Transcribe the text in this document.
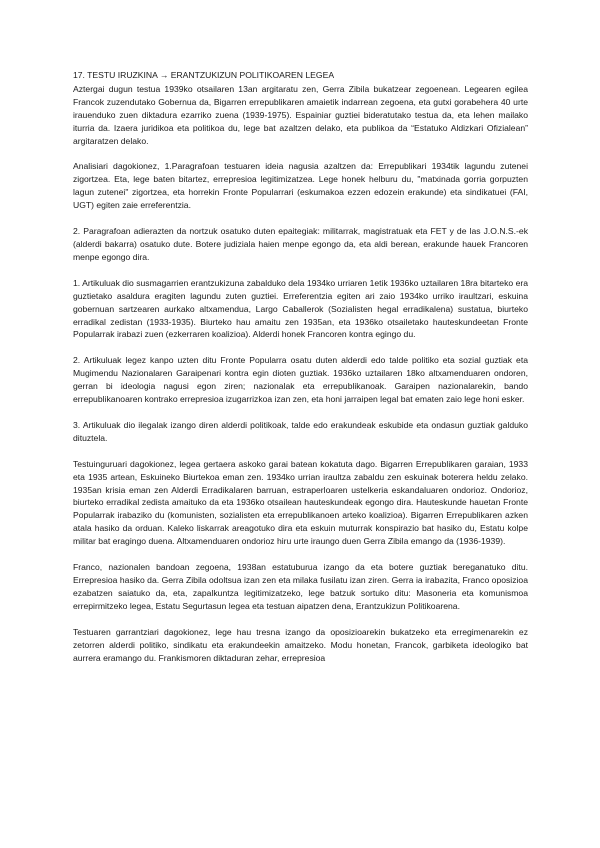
17. TESTU IRUZKINA → ERANTZUKIZUN POLITIKOAREN LEGEA

Aztergai dugun testua 1939ko otsailaren 13an argitaratu zen, Gerra Zibila bukatzear zegoenean. Legearen egilea Francok zuzendutako Gobernua da, Bigarren errepublikaren amaietik indarrean zegoena, eta gutxi gorabehera 40 urte irauenduko zuen diktadura ezarriko zuena (1939-1975). Espainiar guztiei bideratutako testua da, eta lehen mailako iturria da. Izaera juridikoa eta politikoa du, lege bat azaltzen delako, eta publikoa da “Estatuko Aldizkari Ofizialean” argitaratzen delako.

Analisiari dagokionez, 1.Paragrafoan testuaren ideia nagusia azaltzen da: Errepublikari 1934tik lagundu zutenei zigortzea. Eta, lege baten bitartez, errepresioa legitimizatzea. Lege honek helburu du, "matxinada gorria gorpuzten lagun zutenei" zigortzea, eta horrekin Fronte Popularrari (eskumakoa ezzen edozein erakunde) eta sindikatuei (FAI, UGT) egiten zaie erreferentzia.

2. Paragrafoan adierazten da nortzuk osatuko duten epaitegiak: militarrak, magistratuak eta FET y de las J.O.N.S.-ek (alderdi bakarra) osatuko dute. Botere judiziala haien menpe egongo da, eta aldi berean, erakunde hauek Francoren menpe egongo dira.

1. Artikuluak dio susmagarrien erantzukizuna zabalduko dela 1934ko urriaren 1etik 1936ko uztailaren 18ra bitarteko era guztietako asaldura eragiten lagundu zuten guztiei. Erreferentzia egiten ari zaio 1934ko urriko iraultzari, eskuina gobernuan sartzearen aurkako altxamendua, Largo Caballerok (Sozialisten hegal erradikalena) sustatua, biurteko erradikal zedistan (1933-1935). Biurteko hau amaitu zen 1935an, eta 1936ko otsailetako hauteskundeetan Fronte Popularrak irabazi zuen (ezkerraren koalizioa). Alderdi honek Francoren kontra egingo du.

2. Artikuluak legez kanpo uzten ditu Fronte Popularra osatu duten alderdi edo talde politiko eta sozial guztiak eta Mugimendu Nazionalaren Garaipenari kontra egin dioten guztiak. 1936ko uztailaren 18ko altxamenduaren ondoren, gerran bi ideologia nagusi egon ziren; nazionalak eta errepublikanoak. Garaipen nazionalarekin, bando errepublikanoaren kontrako errepresioa izugarrizkoa izan zen, eta honi jarraipen legal bat ematen zaio lege honi esker.

3. Artikuluak dio ilegalak izango diren alderdi politikoak, talde edo erakundeak eskubide eta ondasun guztiak galduko dituztela.

Testuinguruari dagokionez, legea gertaera askoko garai batean kokatuta dago. Bigarren Errepublikaren garaian, 1933 eta 1935 artean, Eskuineko Biurtekoa eman zen. 1934ko urrian iraultza zabaldu zen eskuinak boterera heldu zelako. 1935an krisia eman zen Alderdi Erradikalaren barruan, estraperloaren ustelkeria eskandaluaren ondorioz. Ondorioz, biurteko erradikal zedista amaituko da eta 1936ko otsailean hauteskundeak egongo dira. Hauteskunde hauetan Fronte Popularrak irabaziko du (komunisten, sozialisten eta errepublikanoen arteko koalizioa). Bigarren Errepublikaren azken atala hasiko da orduan. Kaleko liskarrak areagotuko dira eta eskuin muturrak konspirazio bat hasiko du, Estatu kolpe militar bat eragingo duena. Altxamenduaren ondorioz hiru urte iraungo duen Gerra Zibila emango da (1936-1939).

Franco, nazionalen bandoan zegoena, 1938an estatuburua izango da eta botere guztiak bereganatuko ditu. Errepresioa hasiko da. Gerra Zibila odoltsua izan zen eta milaka fusilatu izan ziren. Gerra ia irabazita, Franco oposizioa ezabatzen saiatuko da, eta, zapalkuntza legitimizatzeko, lege batzuk sortuko ditu: Masoneria eta komunismoa errepirmitzeko legea, Estatu Segurtasun legea eta testuan aipatzen dena, Erantzukizun Politikoarena.

Testuaren garrantziari dagokionez, lege hau tresna izango da oposizioarekin bukatzeko eta erregimenarekin ez zetorren alderdi politiko, sindikatu eta erakundeekin amaitzeko. Modu honetan, Francok, garbiketa ideologiko bat aurrera eramango du. Frankismoren diktaduran zehar, errepresioa
